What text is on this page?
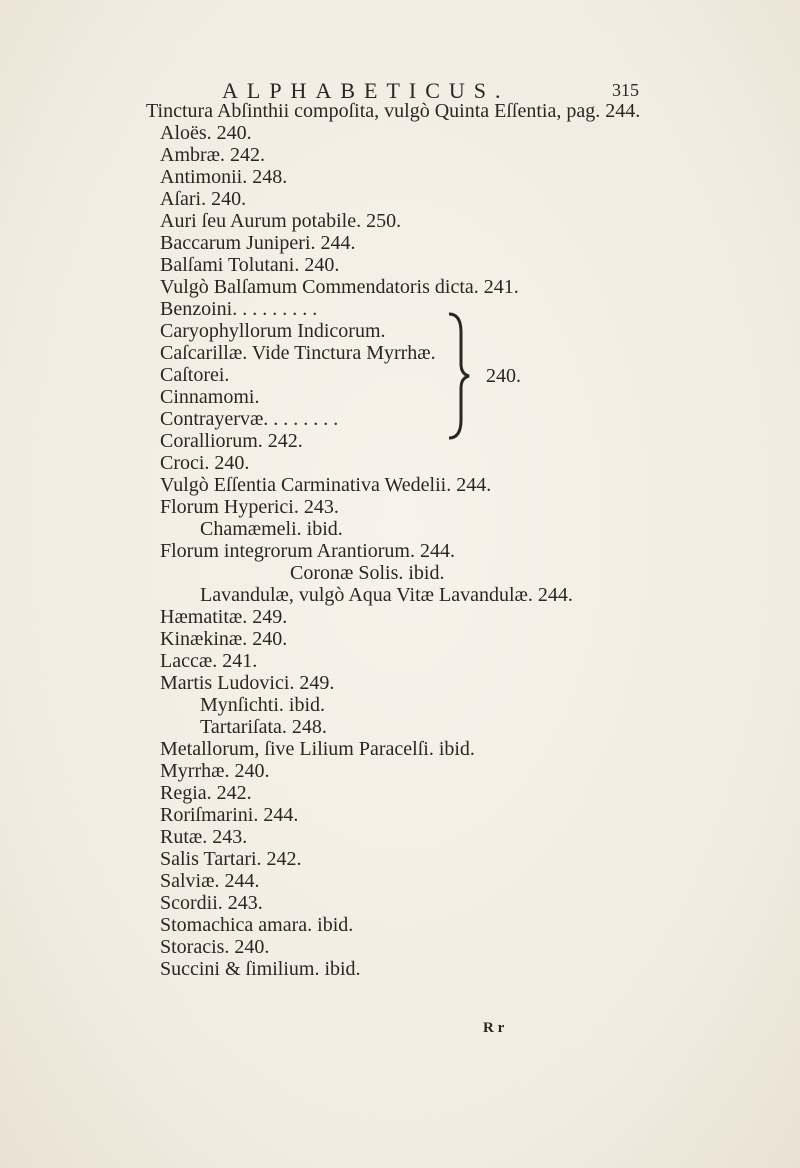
ALPHABETICUS.	315
Tinctura Abſinthii compoſita, vulgò Quinta Eſſentia, pag. 244.
Aloës. 240.
Ambræ. 242.
Antimonii. 248.
Aſari. 240.
Auri ſeu Aurum potabile. 250.
Baccarum Juniperi. 244.
Balſami Tolutani. 240.
Vulgò Balſamum Commendatoris dicta. 241.
Benzoini. . . . . . . . .
Caryophyllorum Indicorum.
Caſcarillæ. Vide Tinctura Myrrhæ.
Caſtorei.
Cinnamomi.
Contrayervæ. . . . . . . .
Coralliorum. 242.
Croci. 240.
Vulgò Eſſentia Carminativa Wedelii. 244.
Florum Hyperici. 243.
Chamæmeli. ibid.
Florum integrorum Arantiorum. 244.
Coronæ Solis. ibid.
Lavandulæ, vulgò Aqua Vitæ Lavandulæ. 244.
Hæmatitæ. 249.
Kinækinæ. 240.
Laccæ. 241.
Martis Ludovici. 249.
Mynſichti. ibid.
Tartariſata. 248.
Metallorum, ſive Lilium Paracelſi. ibid.
Myrrhæ. 240.
Regia. 242.
Roriſmarini. 244.
Rutæ. 243.
Salis Tartari. 242.
Salviæ. 244.
Scordii. 243.
Stomachica amara. ibid.
Storacis. 240.
Succini & ſimilium. ibid.
240.
R r
